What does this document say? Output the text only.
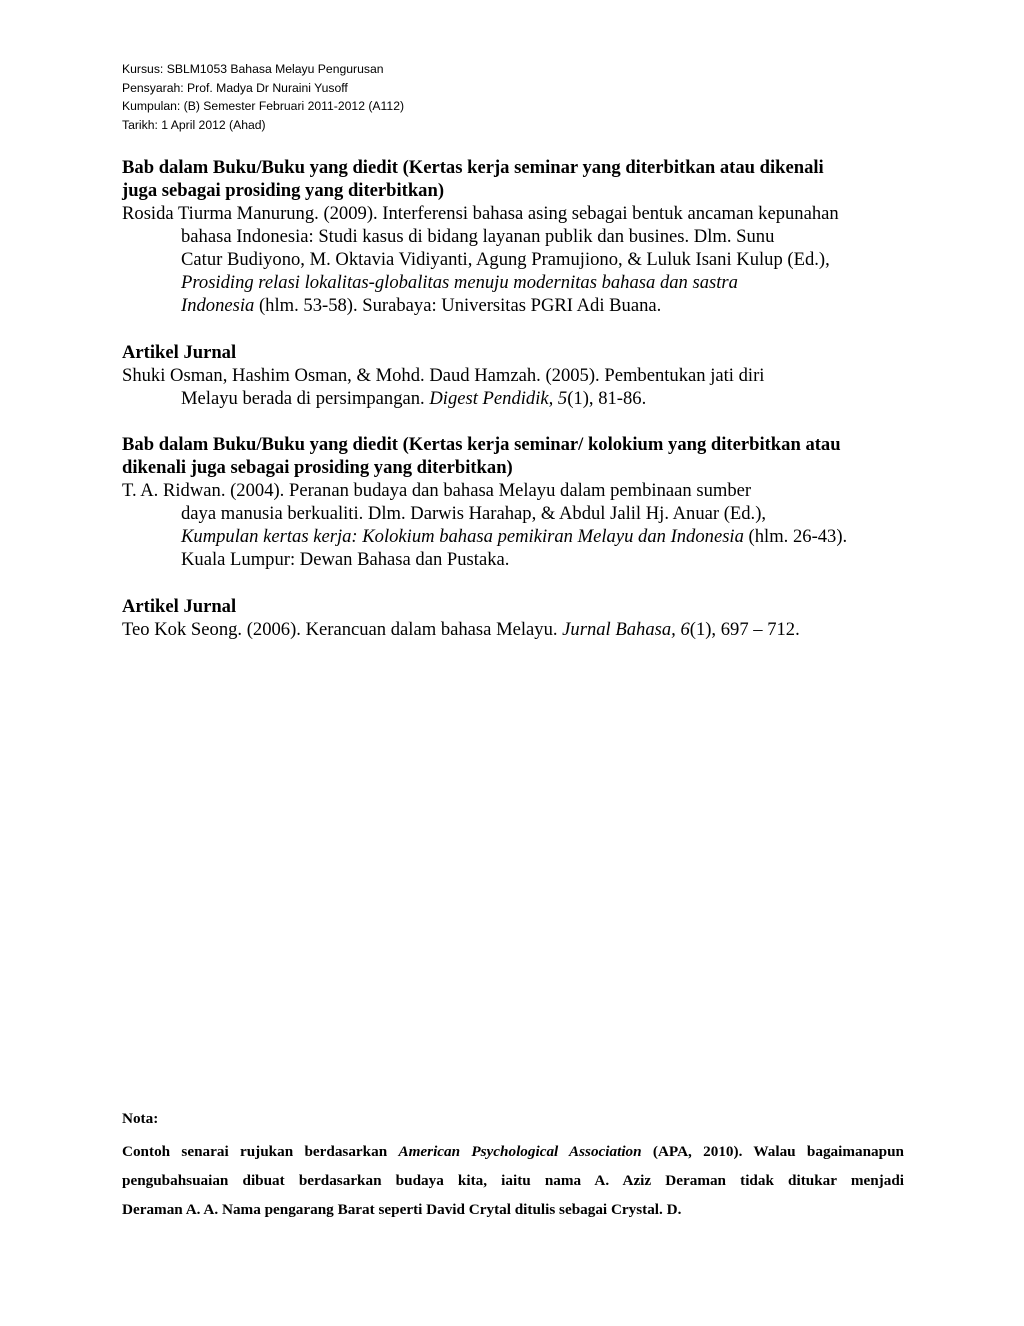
Kursus: SBLM1053 Bahasa Melayu Pengurusan
Pensyarah: Prof. Madya Dr Nuraini Yusoff
Kumpulan: (B) Semester Februari 2011-2012 (A112)
Tarikh: 1 April 2012 (Ahad)
Bab dalam Buku/Buku yang diedit (Kertas kerja seminar yang diterbitkan atau dikenali
juga sebagai prosiding yang diterbitkan)
Rosida Tiurma Manurung. (2009). Interferensi bahasa asing sebagai bentuk ancaman kepunahan
bahasa Indonesia: Studi kasus di bidang layanan publik dan busines. Dlm. Sunu
Catur Budiyono, M. Oktavia Vidiyanti, Agung Pramujiono, & Luluk Isani Kulup (Ed.),
Prosiding relasi lokalitas-globalitas menuju modernitas bahasa dan sastra
Indonesia (hlm. 53-58). Surabaya: Universitas PGRI Adi Buana.
Artikel Jurnal
Shuki Osman, Hashim Osman, & Mohd. Daud Hamzah. (2005). Pembentukan jati diri
Melayu berada di persimpangan. Digest Pendidik, 5(1), 81-86.
Bab dalam Buku/Buku yang diedit (Kertas kerja seminar/ kolokium yang diterbitkan atau
dikenali juga sebagai prosiding yang diterbitkan)
T. A. Ridwan. (2004). Peranan budaya dan bahasa Melayu dalam pembinaan sumber
daya manusia berkualiti. Dlm. Darwis Harahap, & Abdul Jalil Hj. Anuar (Ed.),
Kumpulan kertas kerja: Kolokium bahasa pemikiran Melayu dan Indonesia (hlm. 26-43).
Kuala Lumpur: Dewan Bahasa dan Pustaka.
Artikel Jurnal
Teo Kok Seong. (2006). Kerancuan dalam bahasa Melayu. Jurnal Bahasa, 6(1), 697 – 712.
Nota:
Contoh senarai rujukan berdasarkan American Psychological Association (APA, 2010). Walau bagaimanapun
pengubahsuaian dibuat berdasarkan budaya kita, iaitu nama A. Aziz Deraman tidak ditukar menjadi
Deraman A. A. Nama pengarang Barat seperti David Crytal ditulis sebagai Crystal. D.
